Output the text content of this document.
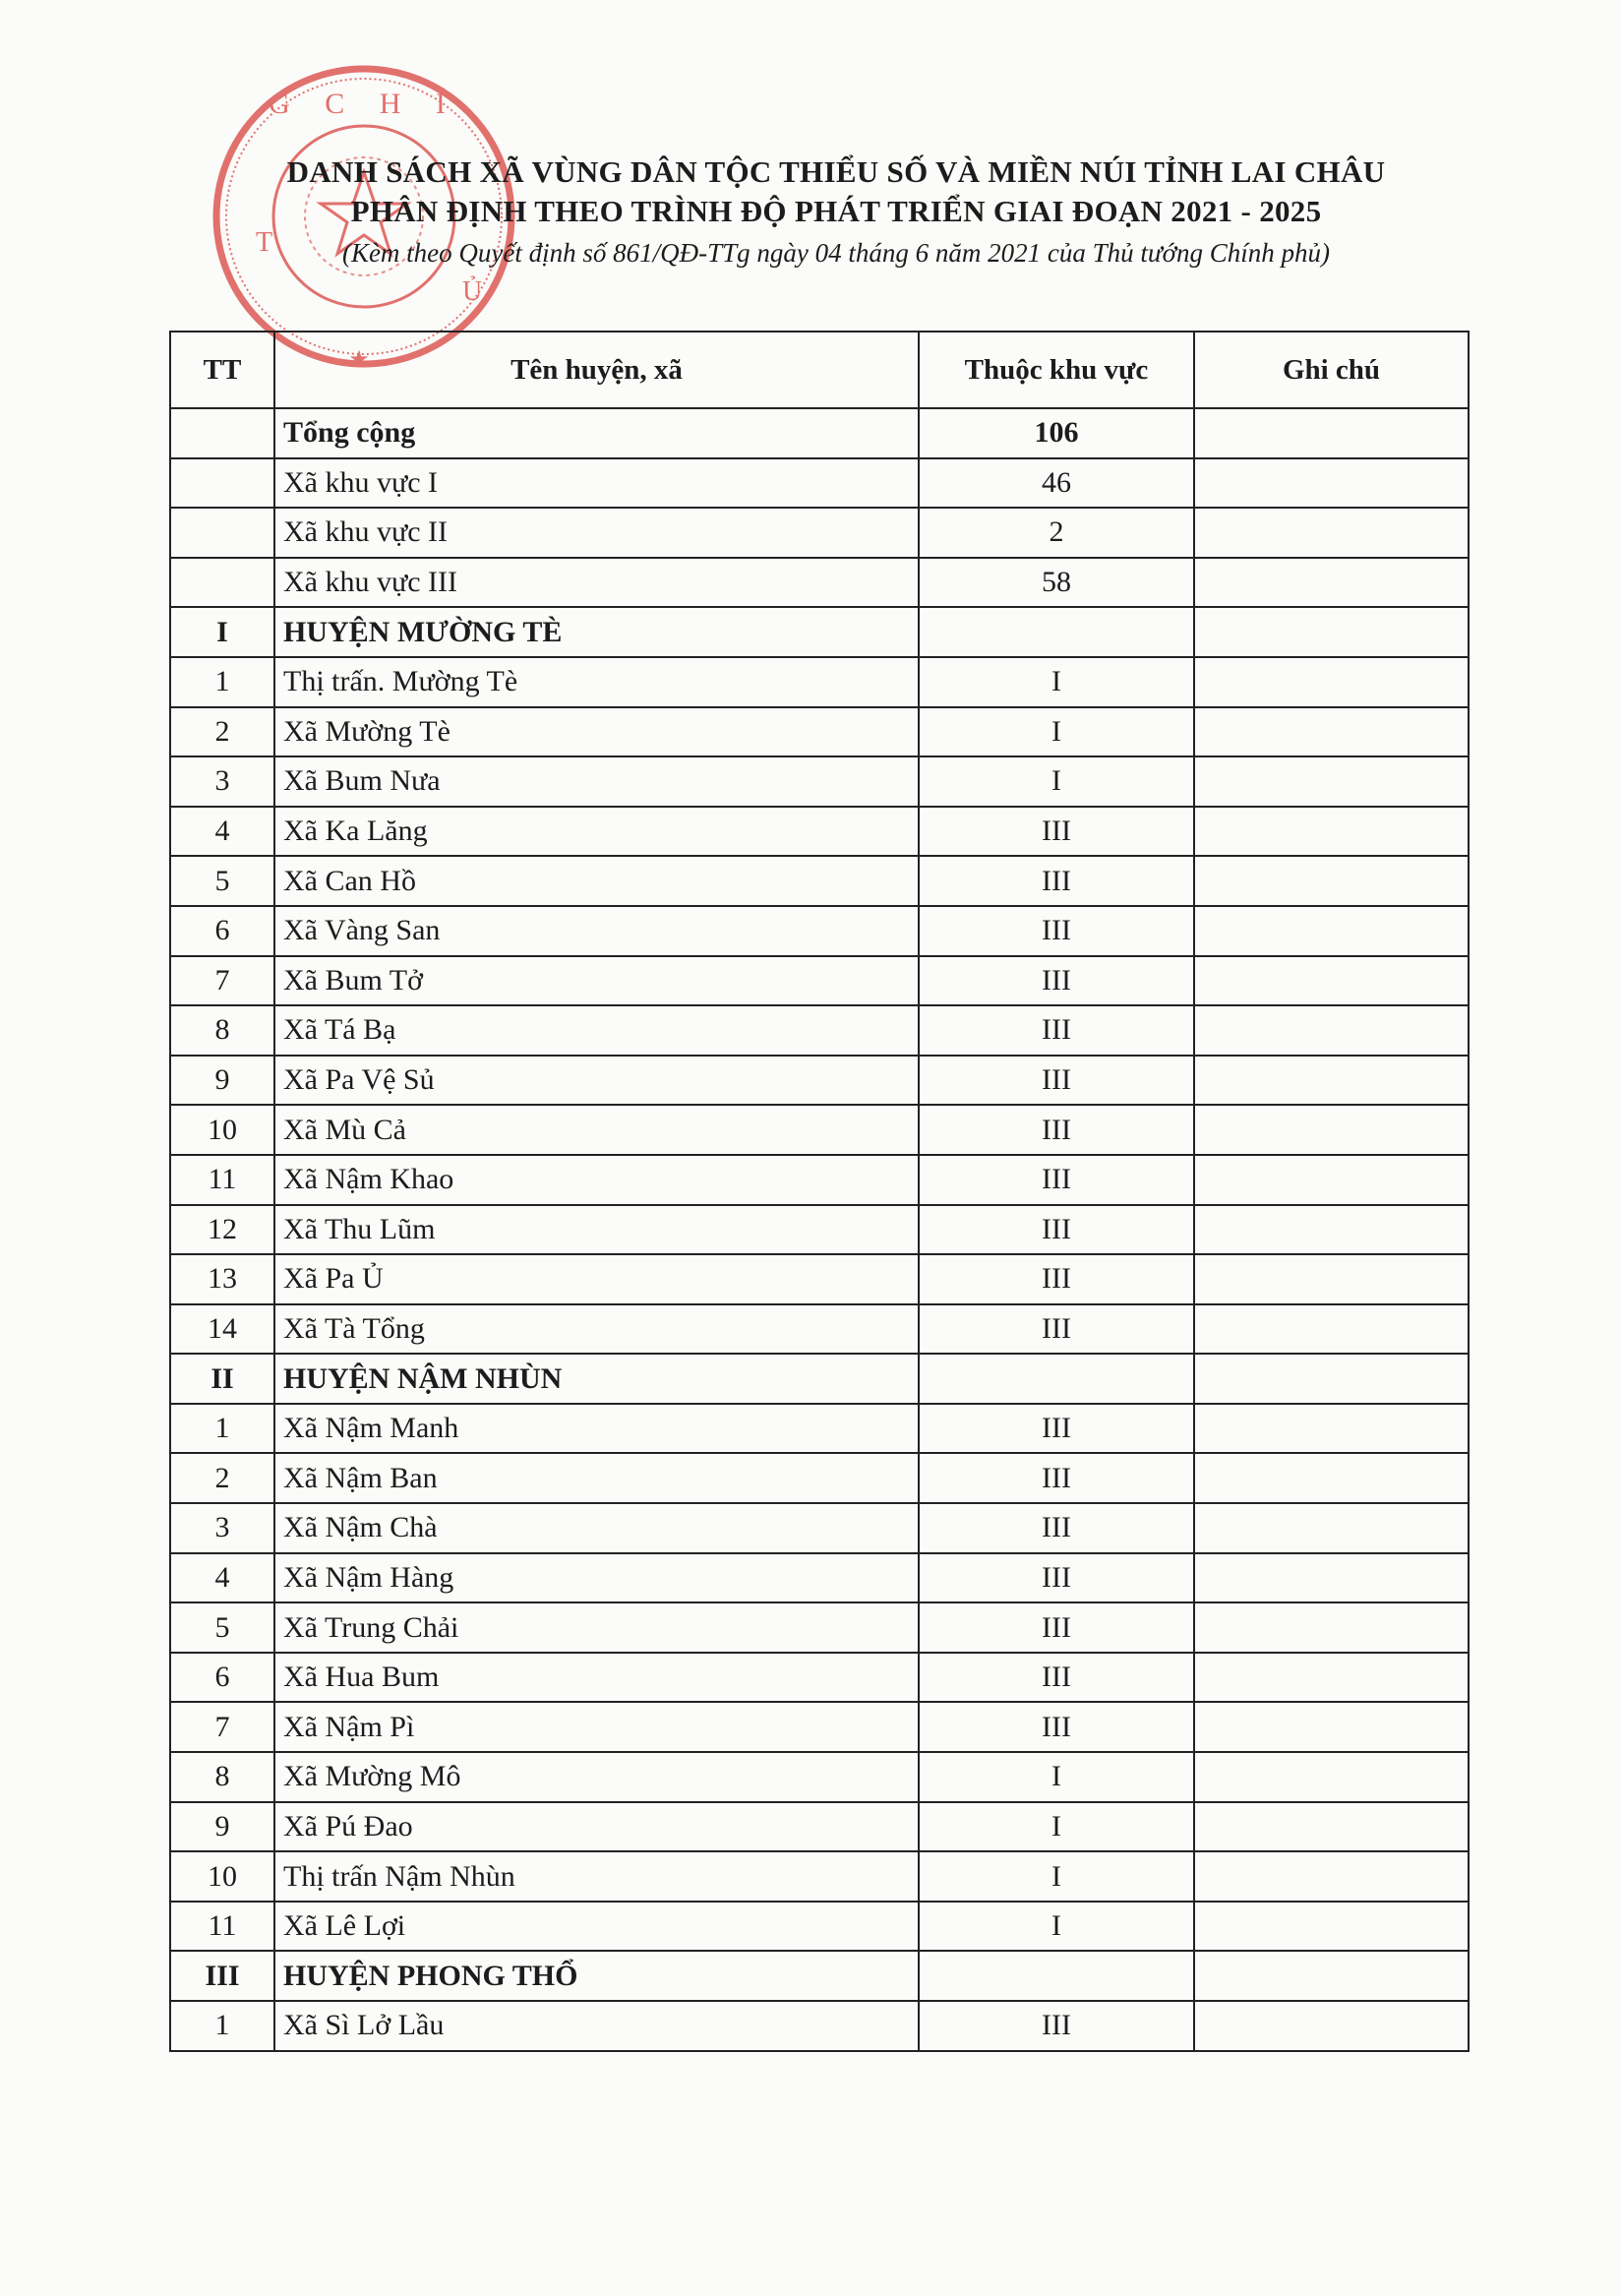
G C H Í
T
Ủ
★

DANH SÁCH XÃ VÙNG DÂN TỘC THIỂU SỐ VÀ MIỀN NÚI TỈNH LAI CHÂU

PHÂN ĐỊNH THEO TRÌNH ĐỘ PHÁT TRIỂN GIAI ĐOẠN 2021 - 2025

(Kèm theo Quyết định số 861/QĐ-TTg ngày 04 tháng 6 năm 2021 của Thủ tướng Chính phủ)
TT	Tên huyện, xã	Thuộc khu vực	Ghi chú
	Tổng cộng	106	
	Xã khu vực I	46	
	Xã khu vực II	2	
	Xã khu vực III	58	
I	HUYỆN MƯỜNG TÈ		
1	Thị trấn. Mường Tè	I	
2	Xã Mường Tè	I	
3	Xã Bum Nưa	I	
4	Xã Ka Lăng	III	
5	Xã Can Hồ	III	
6	Xã Vàng San	III	
7	Xã Bum Tở	III	
8	Xã Tá Bạ	III	
9	Xã Pa Vệ Sủ	III	
10	Xã Mù Cả	III	
11	Xã Nậm Khao	III	
12	Xã Thu Lũm	III	
13	Xã Pa Ủ	III	
14	Xã Tà Tổng	III	
II	HUYỆN NẬM NHÙN		
1	Xã Nậm Manh	III	
2	Xã Nậm Ban	III	
3	Xã Nậm Chà	III	
4	Xã Nậm Hàng	III	
5	Xã Trung Chải	III	
6	Xã Hua Bum	III	
7	Xã Nậm Pì	III	
8	Xã Mường Mô	I	
9	Xã Pú Đao	I	
10	Thị trấn Nậm Nhùn	I	
11	Xã Lê Lợi	I	
III	HUYỆN PHONG THỔ		
1	Xã Sì Lở Lầu	III	
